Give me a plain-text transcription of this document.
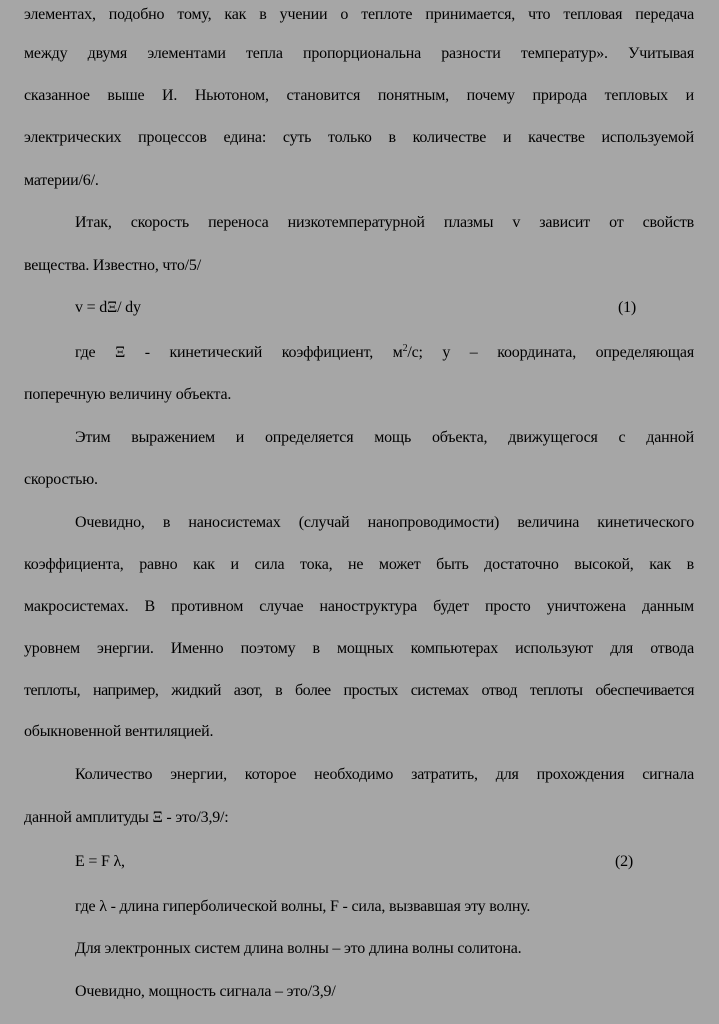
элементах, подобно тому, как в учении о теплоте принимается, что тепловая передача
между двумя элементами тепла пропорциональна разности температур». Учитывая
сказанное выше И. Ньютоном, становится понятным, почему природа тепловых и
электрических процессов едина: суть только в количестве и качестве используемой
материи/6/.
Итак, скорость переноса низкотемпературной плазмы v зависит от свойств
вещества. Известно, что/5/
v = dΞ/ dy	(1)
где Ξ - кинетический коэффициент, $м^2/с$; y – координата, определяющая
поперечную величину объекта.
Этим выражением и определяется мощь объекта, движущегося с данной
скоростью.
Очевидно, в наносистемах (случай нанопроводимости) величина кинетического
коэффициента, равно как и сила тока, не может быть достаточно высокой, как в
макросистемах. В противном случае наноструктура будет просто уничтожена данным
уровнем энергии. Именно поэтому в мощных компьютерах используют для отвода
теплоты, например, жидкий азот, в более простых системах отвод теплоты обеспечивается
обыкновенной вентиляцией.
Количество энергии, которое необходимо затратить, для прохождения сигнала
данной амплитуды Ξ - это/3,9/:
E = F λ,	(2)
где λ - длина гиперболической волны, F - сила, вызвавшая эту волну.
Для электронных систем длина волны – это длина волны солитона.
Очевидно, мощность сигнала – это/3,9/
